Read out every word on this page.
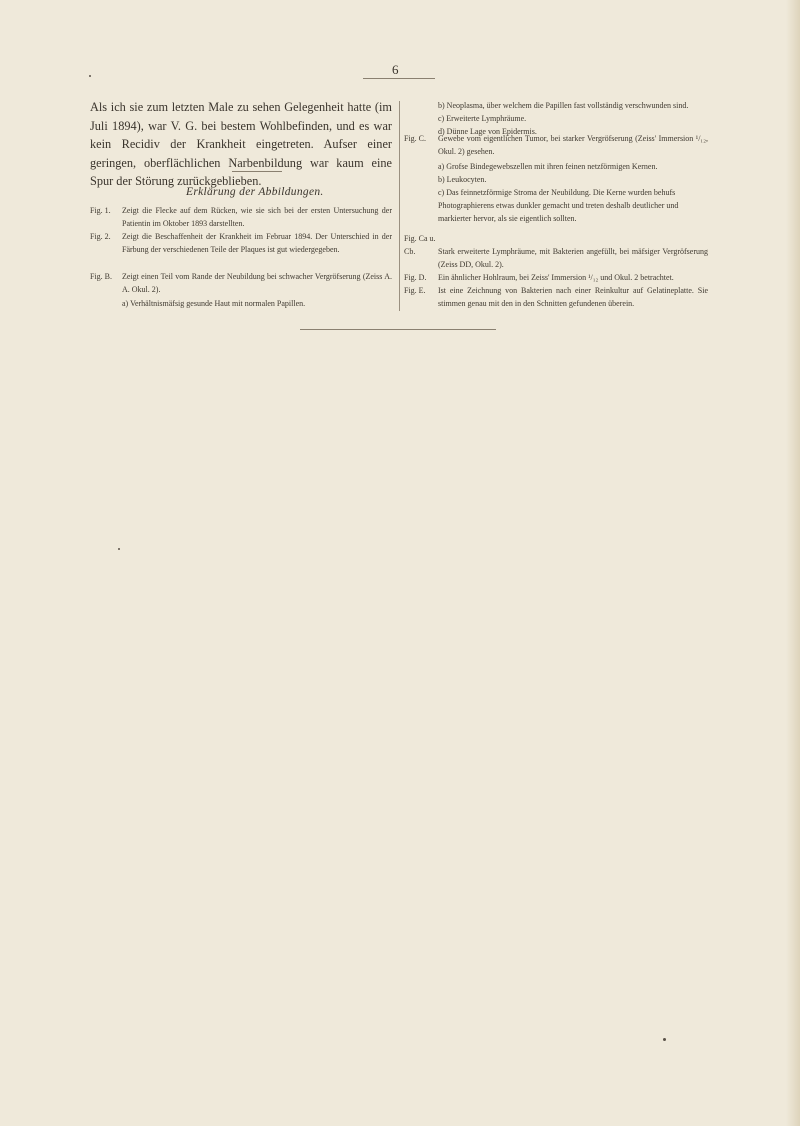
6
Als ich sie zum letzten Male zu sehen Gelegenheit hatte (im Juli 1894), war V. G. bei bestem Wohlbefinden, und es war kein Recidiv der Krankheit eingetreten. Aufser einer geringen, oberflächlichen Narbenbildung war kaum eine Spur der Störung zurückgeblieben.
Erklärung der Abbildungen.
Fig. 1. Zeigt die Flecke auf dem Rücken, wie sie sich bei der ersten Untersuchung der Patientin im Oktober 1893 darstellten.
Fig. 2. Zeigt die Beschaffenheit der Krankheit im Februar 1894. Der Unterschied in der Färbung der verschiedenen Teile der Plaques ist gut wiedergegeben.
Fig. B. Zeigt einen Teil vom Rande der Neubildung bei schwacher Vergröfserung (Zeiss A. A. Okul. 2).
a) Verhältnismäfsig gesunde Haut mit normalen Papillen.
b) Neoplasma, über welchem die Papillen fast vollständig verschwunden sind.
c) Erweiterte Lymphräume.
d) Dünne Lage von Epidermis.
Fig. C. Gewebe vom eigentlichen Tumor, bei starker Vergröfserung (Zeiss' Immersion ¹/₁₂, Okul. 2) gesehen.
a) Grofse Bindegewebszellen mit ihren feinen netzförmigen Kernen.
b) Leukocyten.
c) Das feinnetzförmige Stroma der Neubildung. Die Kerne wurden behufs Photographierens etwas dunkler gemacht und treten deshalb deutlicher und markierter hervor, als sie eigentlich sollten.
Fig. Ca u. Cb.	Stark erweiterte Lymphräume, mit Bakterien angefüllt, bei mäfsiger Vergröfserung (Zeiss DD, Okul. 2).
Fig. D. Ein ähnlicher Hohlraum, bei Zeiss' Immersion ¹/₁₂ und Okul. 2 betrachtet.
Fig. E. Ist eine Zeichnung von Bakterien nach einer Reinkultur auf Gelatineplatte. Sie stimmen genau mit den in den Schnitten gefundenen überein.
